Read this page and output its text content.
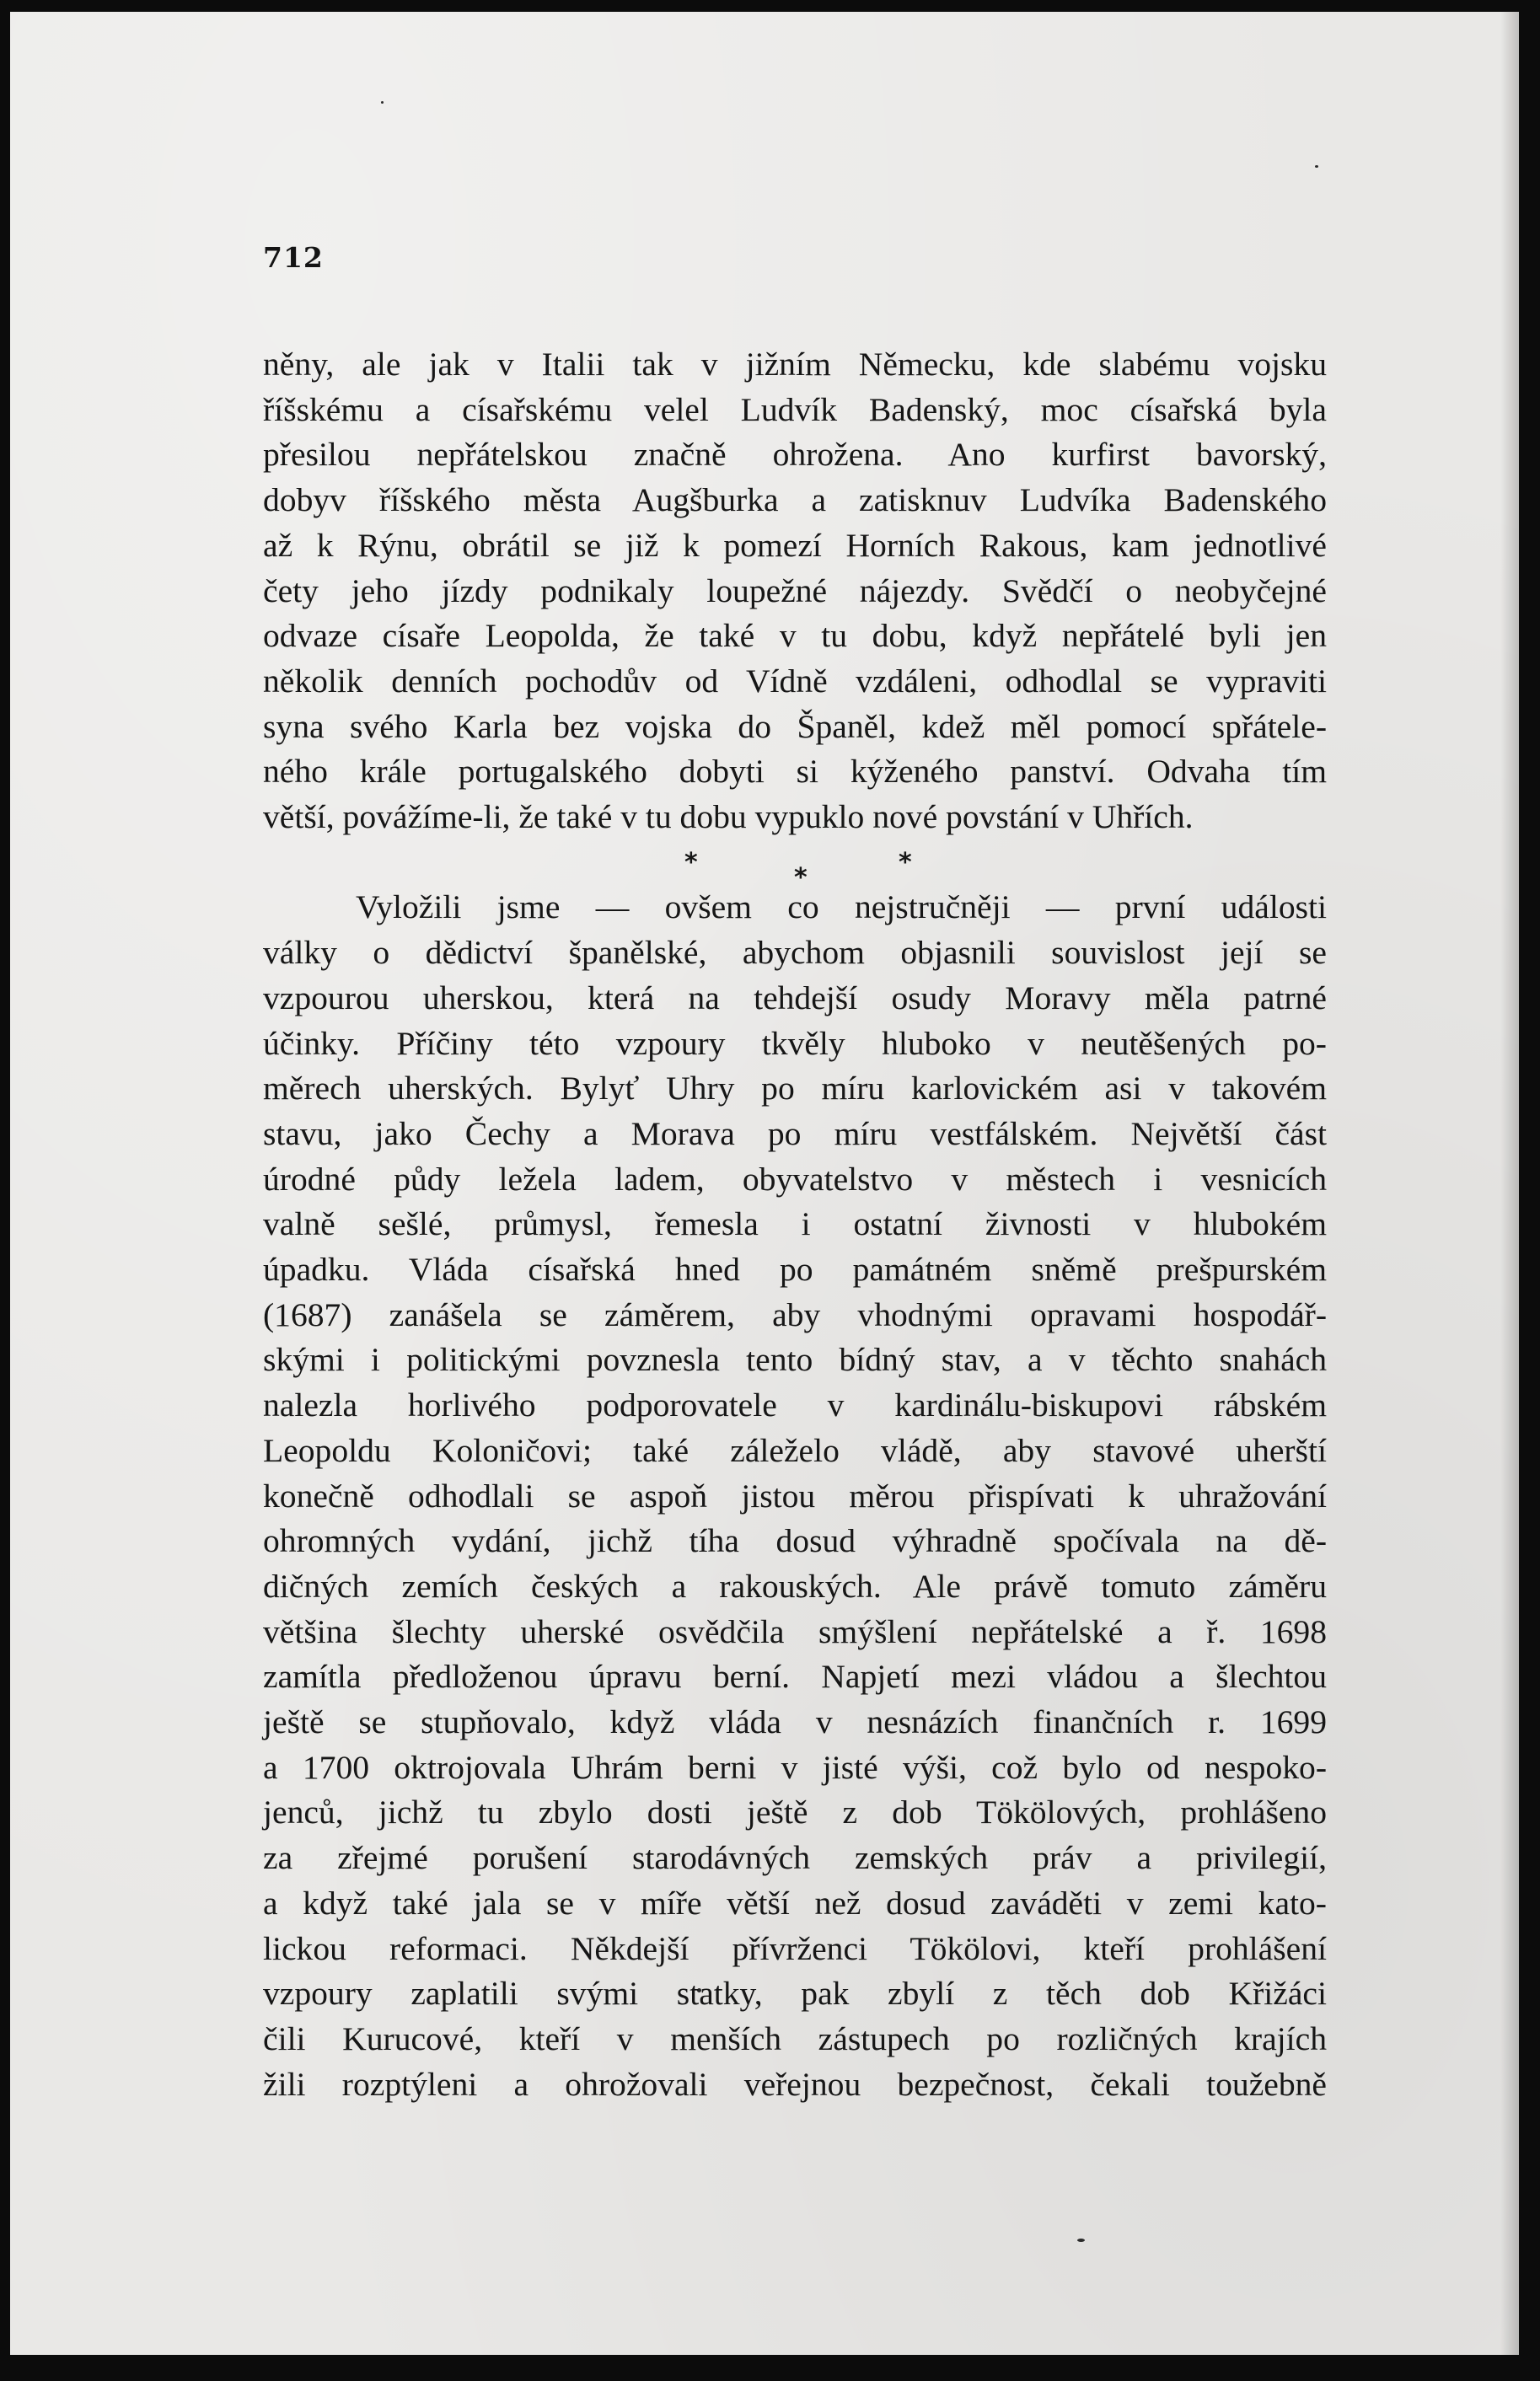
712
něny, ale jak v Italii tak v jižním Německu, kde slabému vojsku
říšskému a císařskému velel Ludvík Badenský, moc císařská byla
přesilou nepřátelskou značně ohrožena. Ano kurfirst bavorský,
dobyv říšského města Augšburka a zatisknuv Ludvíka Badenského
až k Rýnu, obrátil se již k pomezí Horních Rakous, kam jednotlivé
čety jeho jízdy podnikaly loupežné nájezdy. Svědčí o neobyčejné
odvaze císaře Leopolda, že také v tu dobu, když nepřátelé byli jen
několik denních pochodův od Vídně vzdáleni, odhodlal se vypraviti
syna svého Karla bez vojska do Španěl, kdež měl pomocí spřátele-
ného krále portugalského dobyti si kýženého panství. Odvaha tím
větší, povážíme-li, že také v tu dobu vypuklo nové povstání v Uhřích.
*
*
*
Vyložili jsme — ovšem co nejstručněji — první události
války o dědictví španělské, abychom objasnili souvislost její se
vzpourou uherskou, která na tehdejší osudy Moravy měla patrné
účinky. Příčiny této vzpoury tkvěly hluboko v neutěšených po-
měrech uherských. Bylyť Uhry po míru karlovickém asi v takovém
stavu, jako Čechy a Morava po míru vestfálském. Největší část
úrodné půdy ležela ladem, obyvatelstvo v městech i vesnicích
valně sešlé, průmysl, řemesla i ostatní živnosti v hlubokém
úpadku. Vláda císařská hned po památném sněmě prešpurském
(1687) zanášela se záměrem, aby vhodnými opravami hospodář-
skými i politickými povznesla tento bídný stav, a v těchto snahách
nalezla horlivého podporovatele v kardinálu-biskupovi rábském
Leopoldu Koloničovi; také záleželo vládě, aby stavové uherští
konečně odhodlali se aspoň jistou měrou přispívati k uhražování
ohromných vydání, jichž tíha dosud výhradně spočívala na dě-
dičných zemích českých a rakouských. Ale právě tomuto záměru
většina šlechty uherské osvědčila smýšlení nepřátelské a ř. 1698
zamítla předloženou úpravu berní. Napjetí mezi vládou a šlechtou
ještě se stupňovalo, když vláda v nesnázích finančních r. 1699
a 1700 oktrojovala Uhrám berni v jisté výši, což bylo od nespoko-
jenců, jichž tu zbylo dosti ještě z dob Tökölových, prohlášeno
za zřejmé porušení starodávných zemských práv a privilegií,
a když také jala se v míře větší než dosud zaváděti v zemi kato-
lickou reformaci. Někdejší přívrženci Tökölovi, kteří prohlášení
vzpoury zaplatili svými statky, pak zbylí z těch dob Křižáci
čili Kurucové, kteří v menších zástupech po rozličných krajích
žili rozptýleni a ohrožovali veřejnou bezpečnost, čekali toužebně
